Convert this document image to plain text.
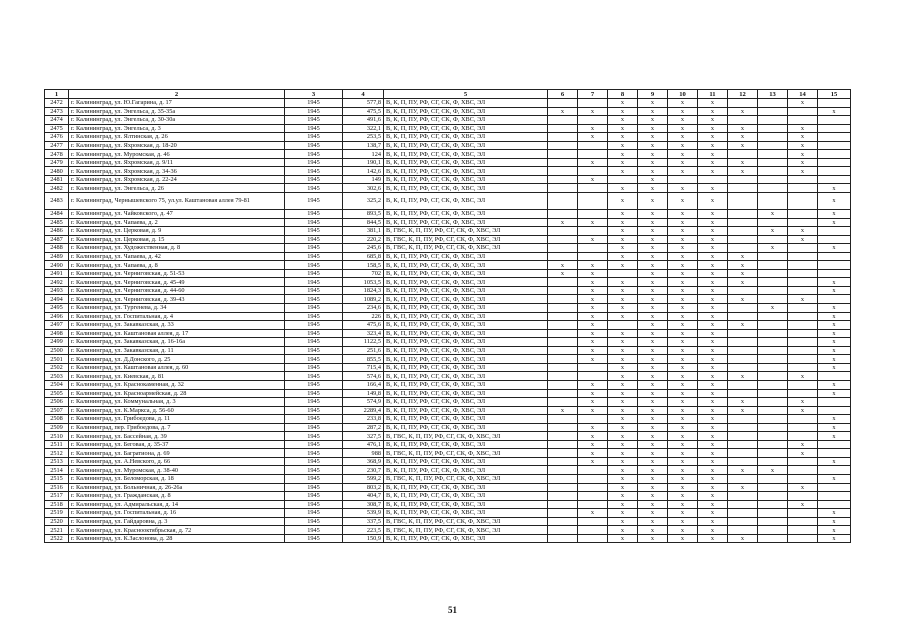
1	2	3	4	5	6	7	8	9	10	11	12	13	14	15
2472	г. Калининград, ул. Ю.Гагарина, д. 17	1945	577,8	В, К, П, ПУ, РФ, СГ, СК, Ф, ХВС, ЭЛ			x	x	x	x			x	
2473	г. Калининград, ул. Энгельса, д. 35-35а	1945	475,5	В, К, П, ПУ, РФ, СГ, СК, Ф, ХВС, ЭЛ	x	x	x	x	x	x	x			x
2474	г. Калининград, ул. Энгельса, д. 30-30а	1945	491,6	В, К, П, ПУ, РФ, СГ, СК, Ф, ХВС, ЭЛ			x	x	x	x				
2475	г. Калининград, ул. Энгельса, д. 3	1945	322,1	В, К, П, ПУ, РФ, СГ, СК, Ф, ХВС, ЭЛ		x	x	x	x	x	x		x	
2476	г. Калининград, ул. Ялтинская, д. 26	1945	253,5	В, К, П, ПУ, РФ, СГ, СК, Ф, ХВС, ЭЛ		x	x	x	x	x	x		x	
2477	г. Калининград, ул. Яхромская, д. 18-20	1945	138,7	В, К, П, ПУ, РФ, СГ, СК, Ф, ХВС, ЭЛ			x	x	x	x	x		x	
2478	г. Калининград, ул. Муромская, д. 46	1945	124	В, К, П, ПУ, РФ, СГ, СК, Ф, ХВС, ЭЛ			x	x	x	x			x	
2479	г. Калининград, ул. Яхромская, д. 9/11	1945	190,1	В, К, П, ПУ, РФ, СГ, СК, Ф, ХВС, ЭЛ		x	x	x	x	x	x		x	
2480	г. Калининград, ул. Яхромская, д. 34-36	1945	142,6	В, К, П, ПУ, РФ, СГ, СК, Ф, ХВС, ЭЛ			x	x	x	x	x		x	
2481	г. Калининград, ул. Яхромская, д. 22-24	1945	149	В, К, П, ПУ, РФ, СГ, СК, Ф, ХВС, ЭЛ		x		x						
2482	г. Калининград, ул. Энгельса, д. 26	1945	302,6	В, К, П, ПУ, РФ, СГ, СК, Ф, ХВС, ЭЛ			x	x	x	x				x
2483	г. Калининград, Чернышевского 75, ул.ул. Каштановая аллея 79-81	1945	325,2	В, К, П, ПУ, РФ, СГ, СК, Ф, ХВС, ЭЛ			x	x	x	x				x
2484	г. Калининград, ул. Чайковского, д. 47	1945	893,5	В, К, П, ПУ, РФ, СГ, СК, Ф, ХВС, ЭЛ			x	x	x	x		x		x
2485	г. Калининград, ул. Чапаева, д. 2	1945	844,5	В, К, П, ПУ, РФ, СГ, СК, Ф, ХВС, ЭЛ	x	x	x	x	x	x				x
2486	г. Калининград, ул. Церковая, д. 9	1945	381,1	В, ГВС, К, П, ПУ, РФ, СГ, СК, Ф, ХВС, ЭЛ			x	x	x	x		x	x	
2487	г. Калининград, ул. Церковая, д. 15	1945	220,2	В, ГВС, К, П, ПУ, РФ, СГ, СК, Ф, ХВС, ЭЛ		x	x	x	x	x			x	
2488	г. Калининград, ул. Художественная, д. 8	1945	245,6	В, ГВС, К, П, ПУ, РФ, СГ, СК, Ф, ХВС, ЭЛ			x	x	x	x		x		x
2489	г. Калининград, ул. Чапаева, д. 42	1945	685,8	В, К, П, ПУ, РФ, СГ, СК, Ф, ХВС, ЭЛ			x	x	x	x	x			
2490	г. Калининград, ул. Чапаева, д. 8	1945	158,5	В, К, П, ПУ, РФ, СГ, СК, Ф, ХВС, ЭЛ	x	x	x	x	x	x	x			
2491	г. Калининград, ул. Черниговская, д. 51-53	1945	702	В, К, П, ПУ, РФ, СГ, СК, Ф, ХВС, ЭЛ	x	x		x	x	x	x			
2492	г. Калининград, ул. Черниговская, д. 45-49	1945	1053,5	В, К, П, ПУ, РФ, СГ, СК, Ф, ХВС, ЭЛ		x	x	x	x	x	x			x
2493	г. Калининград, ул. Черниговская, д. 44-60	1945	1824,3	В, К, П, ПУ, РФ, СГ, СК, Ф, ХВС, ЭЛ		x	x	x	x	x				x
2494	г. Калининград, ул. Черниговская, д. 39-43	1945	1089,2	В, К, П, ПУ, РФ, СГ, СК, Ф, ХВС, ЭЛ		x	x	x	x	x	x		x	
2495	г. Калининград, ул. Тургенева, д. 34	1945	234,6	В, К, П, ПУ, РФ, СГ, СК, Ф, ХВС, ЭЛ		x	x	x	x	x		x		x
2496	г. Калининград, ул. Госпитальная, д. 4	1945	226	В, К, П, ПУ, РФ, СГ, СК, Ф, ХВС, ЭЛ		x	x	x	x	x				x
2497	г. Калининград, ул. Закавказская, д. 33	1945	475,6	В, К, П, ПУ, РФ, СГ, СК, Ф, ХВС, ЭЛ		x		x	x	x	x			x
2498	г. Калининград, ул. Каштановая аллея, д. 17	1945	323,4	В, К, П, ПУ, РФ, СГ, СК, Ф, ХВС, ЭЛ		x	x	x	x	x				x
2499	г. Калининград, ул. Закавказская, д. 16-16а	1945	1122,5	В, К, П, ПУ, РФ, СГ, СК, Ф, ХВС, ЭЛ		x	x	x	x	x				x
2500	г. Калининград, ул. Закавказская, д. 11	1945	251,6	В, К, П, ПУ, РФ, СГ, СК, Ф, ХВС, ЭЛ		x	x	x	x	x				x
2501	г. Калининград, ул. Д.Донского, д. 25	1945	855,5	В, К, П, ПУ, РФ, СГ, СК, Ф, ХВС, ЭЛ		x	x	x	x	x				x
2502	г. Калининград, ул. Каштановая аллея, д. 60	1945	715,4	В, К, П, ПУ, РФ, СГ, СК, Ф, ХВС, ЭЛ			x	x	x	x				x
2503	г. Калининград, ул. Киевская, д. 81	1945	574,6	В, К, П, ПУ, РФ, СГ, СК, Ф, ХВС, ЭЛ			x	x	x	x	x		x	
2504	г. Калининград, ул. Краснокаменная, д. 32	1945	166,4	В, К, П, ПУ, РФ, СГ, СК, Ф, ХВС, ЭЛ		x	x	x	x	x				x
2505	г. Калининград, ул. Красноармейская, д. 28	1945	149,8	В, К, П, ПУ, РФ, СГ, СК, Ф, ХВС, ЭЛ		x	x	x	x	x				x
2506	г. Калининград, ул. Коммунальная, д. 3	1945	574,9	В, К, П, ПУ, РФ, СГ, СК, Ф, ХВС, ЭЛ		x	x	x	x	x	x		x	
2507	г. Калининград, ул. К.Маркса, д. 56-60	1945	2289,4	В, К, П, ПУ, РФ, СГ, СК, Ф, ХВС, ЭЛ	x	x	x	x	x	x	x		x	
2508	г. Калининград, ул. Грибоедова, д. 11	1945	233,8	В, К, П, ПУ, РФ, СГ, СК, Ф, ХВС, ЭЛ			x	x	x	x				x
2509	г. Калининград, пер. Грибоедова, д. 7	1945	287,2	В, К, П, ПУ, РФ, СГ, СК, Ф, ХВС, ЭЛ		x	x	x	x	x				x
2510	г. Калининград, ул. Бассейная, д. 39	1945	327,5	В, ГВС, К, П, ПУ, РФ, СГ, СК, Ф, ХВС, ЭЛ		x	x	x	x	x				x
2511	г. Калининград, ул. Беговая, д. 35-37	1945	476,1	В, К, П, ПУ, РФ, СГ, СК, Ф, ХВС, ЭЛ		x	x	x	x	x			x	
2512	г. Калининград, ул. Багратиона, д. 69	1945	988	В, ГВС, К, П, ПУ, РФ, СГ, СК, Ф, ХВС, ЭЛ		x	x	x	x	x			x	
2513	г. Калининград, ул. А.Невского, д. 66	1945	368,9	В, К, П, ПУ, РФ, СГ, СК, Ф, ХВС, ЭЛ		x	x	x	x	x				x
2514	г. Калининград, ул. Муромская, д. 38-40	1945	230,7	В, К, П, ПУ, РФ, СГ, СК, Ф, ХВС, ЭЛ			x	x	x	x	x	x		
2515	г. Калининград, ул. Беломорская, д. 18	1945	599,2	В, ГВС, К, П, ПУ, РФ, СГ, СК, Ф, ХВС, ЭЛ			x	x	x	x				x
2516	г. Калининград, ул. Больничная, д. 26-26а	1945	803,2	В, К, П, ПУ, РФ, СГ, СК, Ф, ХВС, ЭЛ			x	x	x	x	x		x	
2517	г. Калининград, ул. Гражданская, д. 8	1945	404,7	В, К, П, ПУ, РФ, СГ, СК, Ф, ХВС, ЭЛ			x	x	x	x				
2518	г. Калининград, ул. Адмиральская, д. 14	1945	308,7	В, К, П, ПУ, РФ, СГ, СК, Ф, ХВС, ЭЛ			x	x	x	x			x	
2519	г. Калининград, ул. Госпитальная, д. 16	1945	539,9	В, К, П, ПУ, РФ, СГ, СК, Ф, ХВС, ЭЛ		x	x	x	x	x				x
2520	г. Калининград, ул. Гайдаровна, д. 3	1945	337,5	В, ГВС, К, П, ПУ, РФ, СГ, СК, Ф, ХВС, ЭЛ			x	x	x	x				x
2521	г. Калининград, ул. Краснооктябрьская, д. 72	1945	223,5	В, ГВС, К, П, ПУ, РФ, СГ, СК, Ф, ХВС, ЭЛ			x	x	x	x				x
2522	г. Калининград, ул. К.Заслонова, д. 28	1945	150,9	В, К, П, ПУ, РФ, СГ, СК, Ф, ХВС, ЭЛ			x	x	x	x	x			x
51
